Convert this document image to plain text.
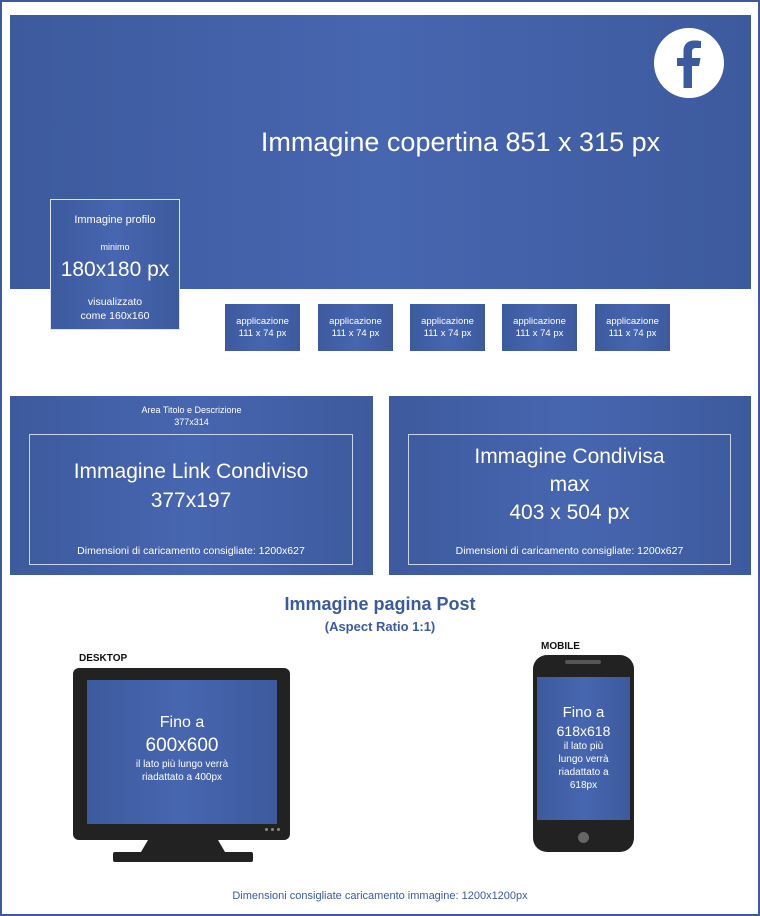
Immagine copertina 851 x 315 px
Immagine profilo
minimo
180x180 px
visualizzato
come 160x160	applicazione
111 x 74 px
applicazione
111 x 74 px
applicazione
111 x 74 px
applicazione
111 x 74 px
applicazione
111 x 74 px
Area Titolo e Descrizione
377x314
Immagine Link Condiviso
377x197
Dimensioni di caricamento consigliate: 1200x627
Immagine Condivisa
max
403 x 504 px
Dimensioni di caricamento consigliate: 1200x627
Immagine pagina Post
(Aspect Ratio 1:1)
DESKTOP
Fino a
600x600
il lato più lungo verrà
riadattato a 400px
MOBILE
Fino a
618x618
il lato più
lungo verrà
riadattato a
618px
Dimensioni consigliate caricamento immagine: 1200x1200px
